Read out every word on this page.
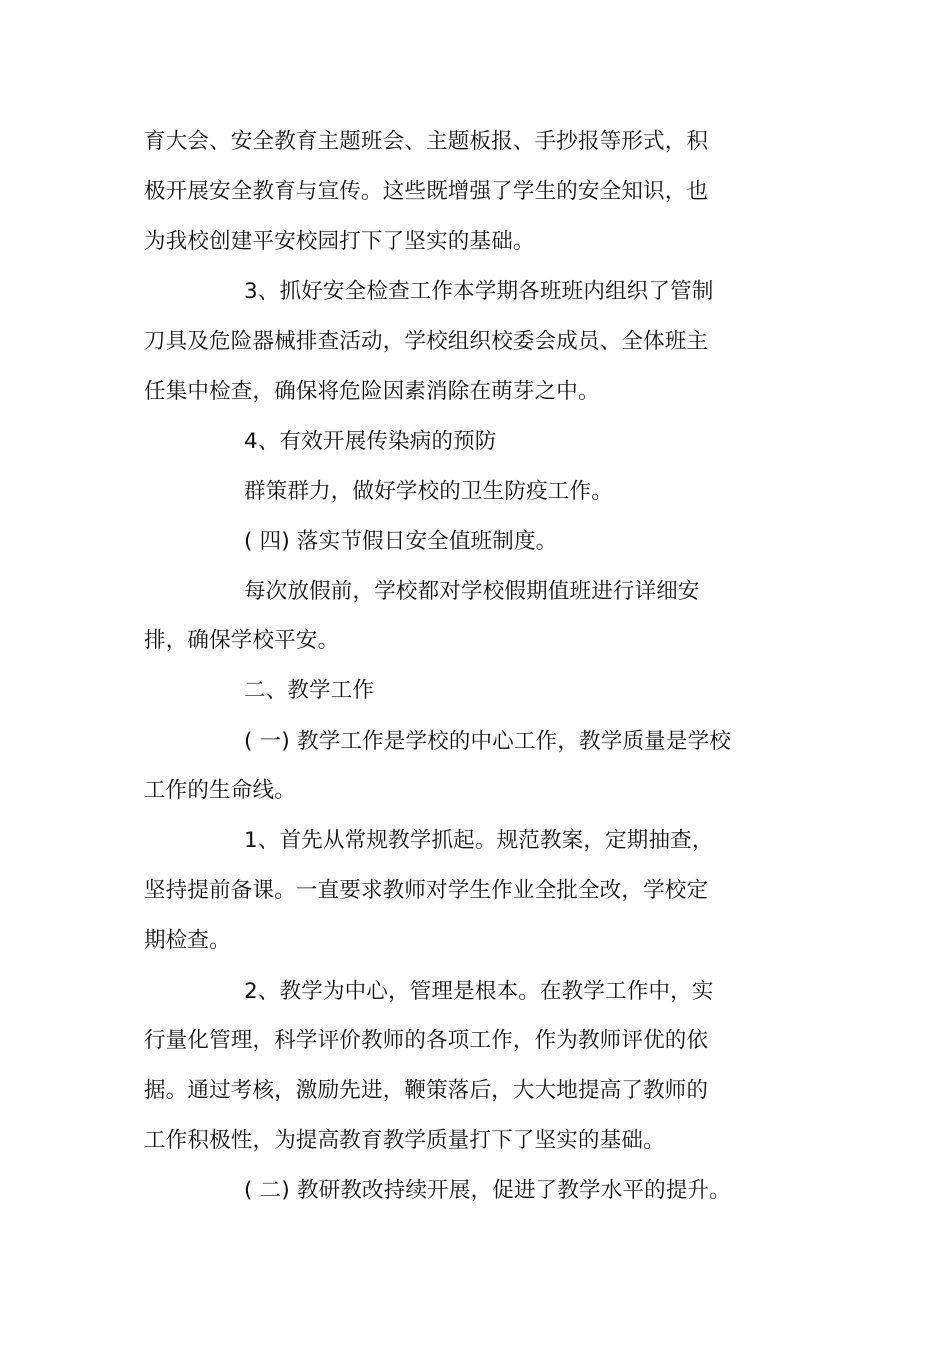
育大会、安全教育主题班会、主题板报、手抄报等形式，积
极开展安全教育与宣传。这些既增强了学生的安全知识，也
为我校创建平安校园打下了坚实的基础。
3、抓好安全检查工作本学期各班班内组织了管制
刀具及危险器械排查活动，学校组织校委会成员、全体班主
任集中检查，确保将危险因素消除在萌芽之中。
4、有效开展传染病的预防
群策群力，做好学校的卫生防疫工作。
( 四) 落实节假日安全值班制度。
每次放假前，学校都对学校假期值班进行详细安
排，确保学校平安。
二、教学工作
( 一) 教学工作是学校的中心工作，教学质量是学校
工作的生命线。
1、首先从常规教学抓起。规范教案，定期抽查，
坚持提前备课。一直要求教师对学生作业全批全改，学校定
期检查。
2、教学为中心，管理是根本。在教学工作中，实
行量化管理，科学评价教师的各项工作，作为教师评优的依
据。通过考核，激励先进，鞭策落后，大大地提高了教师的
工作积极性，为提高教育教学质量打下了坚实的基础。
( 二) 教研教改持续开展，促进了教学水平的提升。
